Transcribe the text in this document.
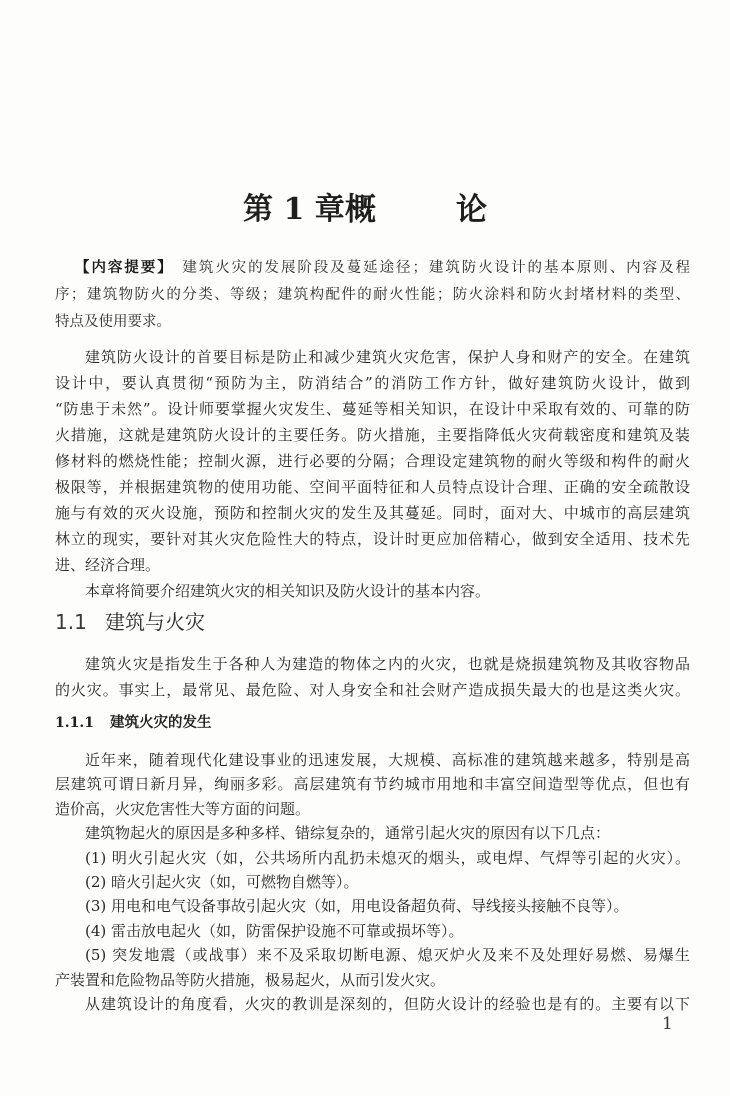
第 1 章 概论
【内容提要】 建筑火灾的发展阶段及蔓延途径；建筑防火设计的基本原则、内容及程
序；建筑物防火的分类、等级；建筑构配件的耐火性能；防火涂料和防火封堵材料的类型、
特点及使用要求。
建筑防火设计的首要目标是防止和减少建筑火灾危害，保护人身和财产的安全。在建筑
设计中，要认真贯彻“预防为主，防消结合”的消防工作方针，做好建筑防火设计，做到
“防患于未然”。设计师要掌握火灾发生、蔓延等相关知识，在设计中采取有效的、可靠的防
火措施，这就是建筑防火设计的主要任务。防火措施，主要指降低火灾荷载密度和建筑及装
修材料的燃烧性能；控制火源，进行必要的分隔；合理设定建筑物的耐火等级和构件的耐火
极限等，并根据建筑物的使用功能、空间平面特征和人员特点设计合理、正确的安全疏散设
施与有效的灭火设施，预防和控制火灾的发生及其蔓延。同时，面对大、中城市的高层建筑
林立的现实，要针对其火灾危险性大的特点，设计时更应加倍精心，做到安全适用、技术先
进、经济合理。
本章将简要介绍建筑火灾的相关知识及防火设计的基本内容。
1.1 建筑与火灾
建筑火灾是指发生于各种人为建造的物体之内的火灾，也就是烧损建筑物及其收容物品
的火灾。事实上，最常见、最危险、对人身安全和社会财产造成损失最大的也是这类火灾。
1.1.1 建筑火灾的发生
近年来，随着现代化建设事业的迅速发展，大规模、高标准的建筑越来越多，特别是高
层建筑可谓日新月异，绚丽多彩。高层建筑有节约城市用地和丰富空间造型等优点，但也有
造价高，火灾危害性大等方面的问题。
建筑物起火的原因是多种多样、错综复杂的，通常引起火灾的原因有以下几点：
(1) 明火引起火灾（如，公共场所内乱扔未熄灭的烟头，或电焊、气焊等引起的火灾）。
(2) 暗火引起火灾（如，可燃物自燃等）。
(3) 用电和电气设备事故引起火灾（如，用电设备超负荷、导线接头接触不良等）。
(4) 雷击放电起火（如，防雷保护设施不可靠或损坏等）。
(5) 突发地震（或战事）来不及采取切断电源、熄灭炉火及来不及处理好易燃、易爆生
产装置和危险物品等防火措施，极易起火，从而引发火灾。
从建筑设计的角度看，火灾的教训是深刻的，但防火设计的经验也是有的。主要有以下
1
